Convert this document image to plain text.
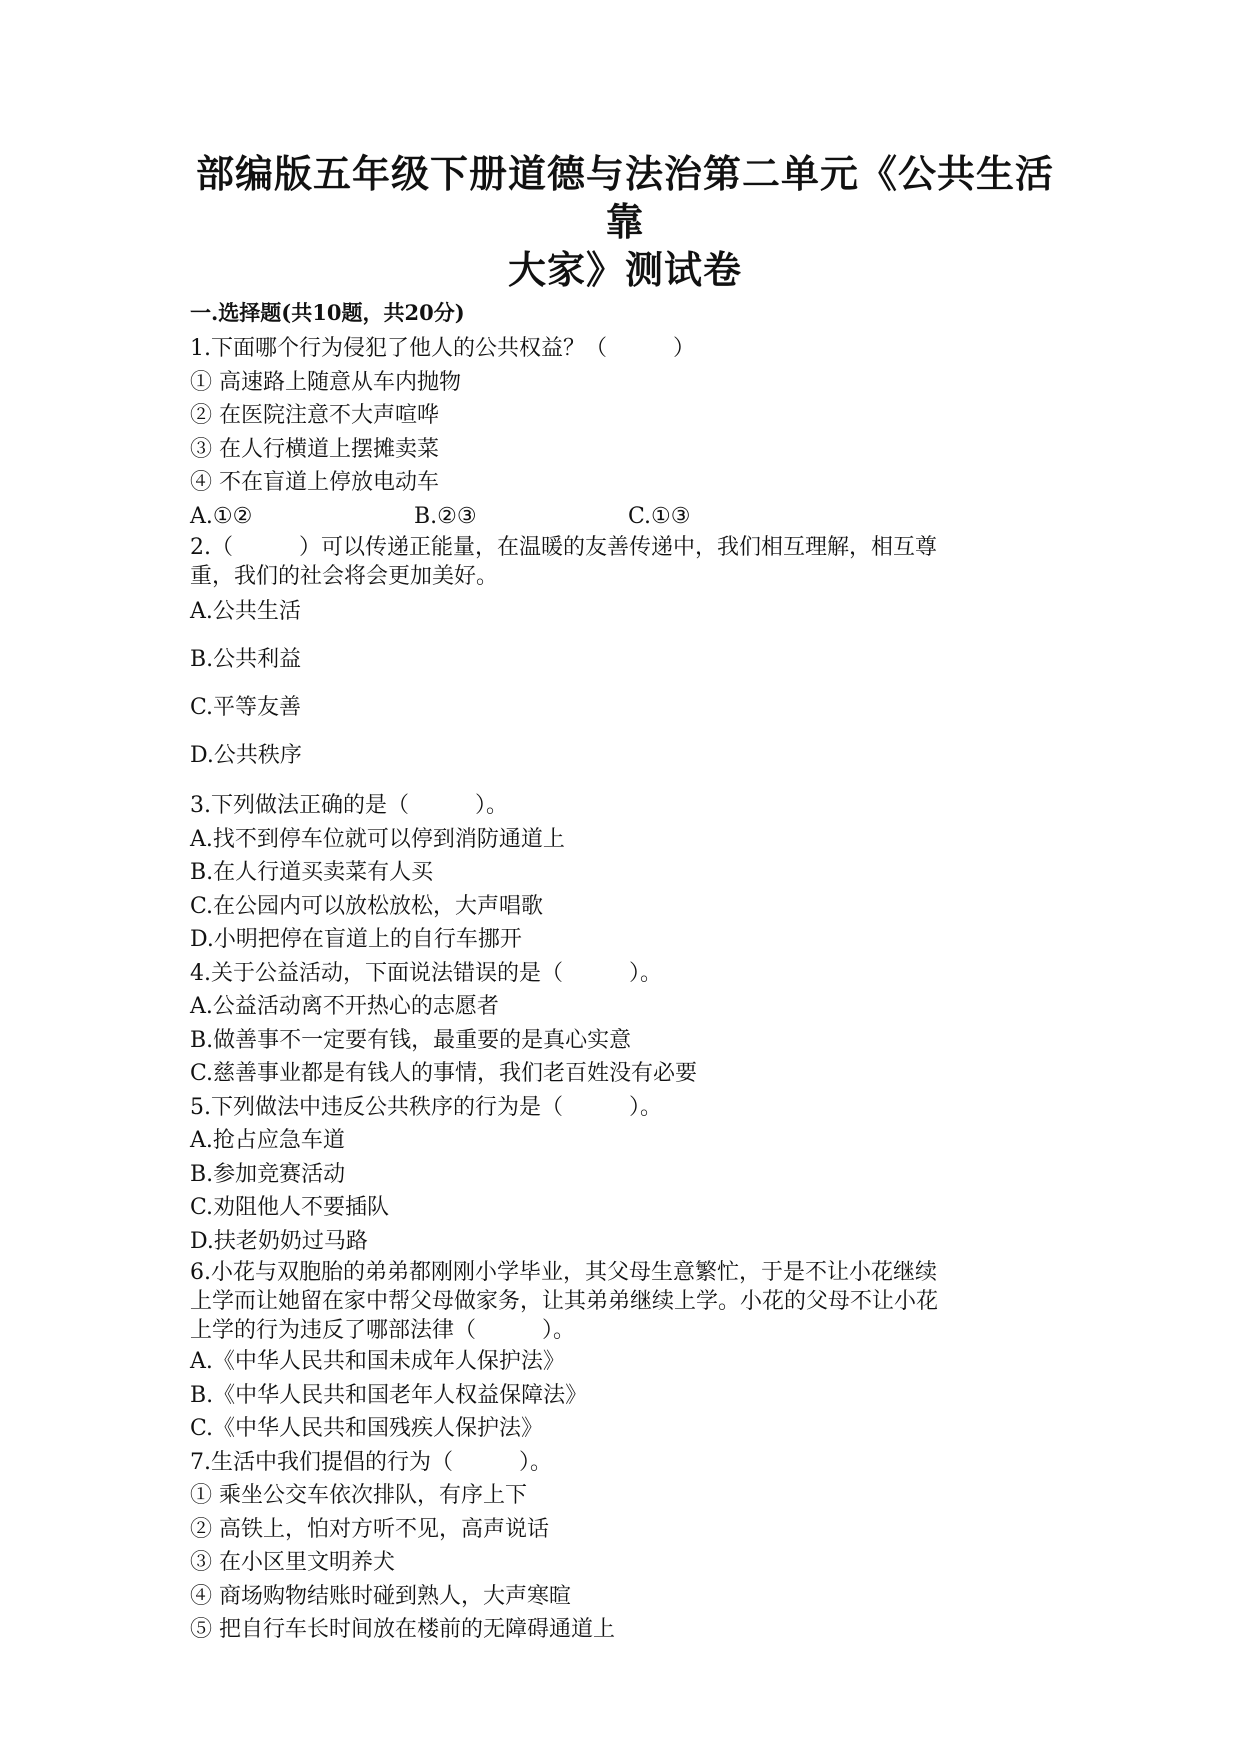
部编版五年级下册道德与法治第二单元《公共生活靠
大家》测试卷
一.选择题(共10题，共20分)
1.下面哪个行为侵犯了他人的公共权益？（　　　）
① 高速路上随意从车内抛物
② 在医院注意不大声喧哗
③ 在人行横道上摆摊卖菜
④ 不在盲道上停放电动车
A.①②	B.②③	C.①③
2.（　　　）可以传递正能量，在温暖的友善传递中，我们相互理解，相互尊
重，我们的社会将会更加美好。
A.公共生活
B.公共利益
C.平等友善
D.公共秩序
3.下列做法正确的是（　　　）。
A.找不到停车位就可以停到消防通道上
B.在人行道买卖菜有人买
C.在公园内可以放松放松，大声唱歌
D.小明把停在盲道上的自行车挪开
4.关于公益活动，下面说法错误的是（　　　）。
A.公益活动离不开热心的志愿者
B.做善事不一定要有钱，最重要的是真心实意
C.慈善事业都是有钱人的事情，我们老百姓没有必要
5.下列做法中违反公共秩序的行为是（　　　）。
A.抢占应急车道
B.参加竞赛活动
C.劝阻他人不要插队
D.扶老奶奶过马路
6.小花与双胞胎的弟弟都刚刚小学毕业，其父母生意繁忙，于是不让小花继续
上学而让她留在家中帮父母做家务，让其弟弟继续上学。小花的父母不让小花
上学的行为违反了哪部法律（　　　）。
A.《中华人民共和国未成年人保护法》
B.《中华人民共和国老年人权益保障法》
C.《中华人民共和国残疾人保护法》
7.生活中我们提倡的行为（　　　）。
① 乘坐公交车依次排队，有序上下
② 高铁上，怕对方听不见，高声说话
③ 在小区里文明养犬
④ 商场购物结账时碰到熟人，大声寒暄
⑤ 把自行车长时间放在楼前的无障碍通道上
